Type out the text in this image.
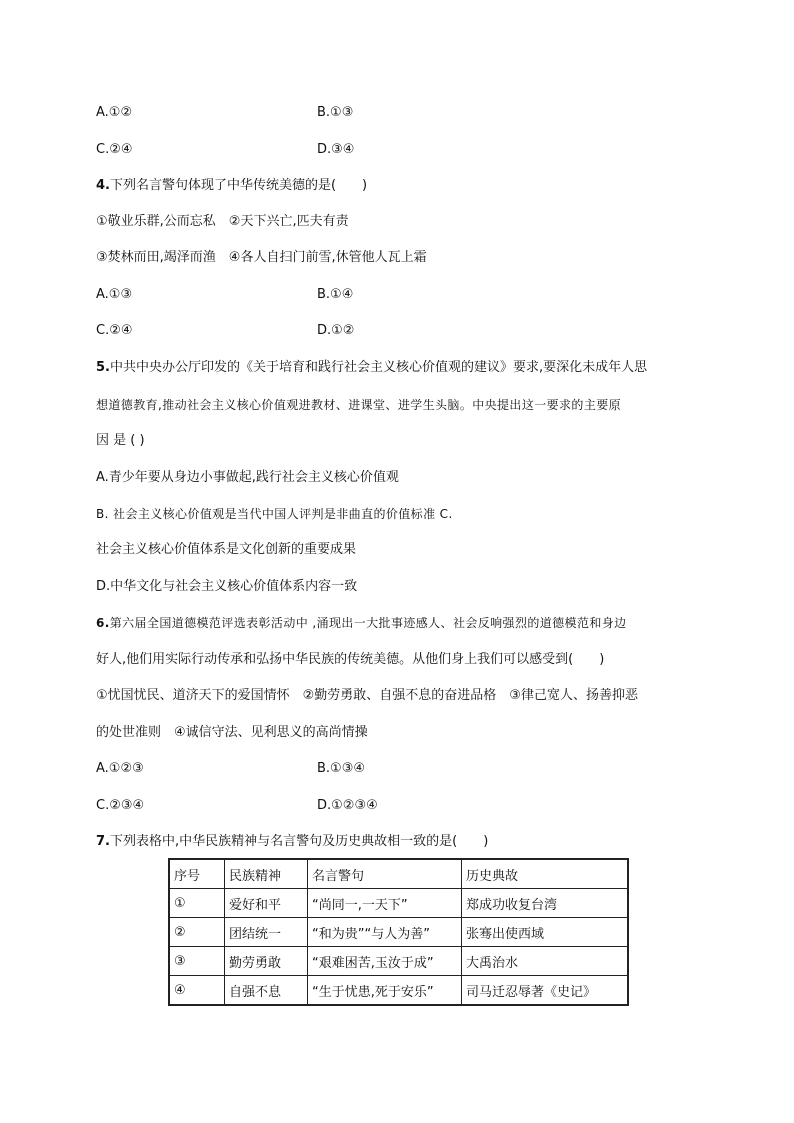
A.①②	B.①③
C.②④	D.③④
4.下列名言警句体现了中华传统美德的是(　　)
①敬业乐群,公而忘私　②天下兴亡,匹夫有责
③焚林而田,竭泽而渔　④各人自扫门前雪,休管他人瓦上霜
A.①③	B.①④
C.②④	D.①②
5.中共中央办公厅印发的《关于培育和践行社会主义核心价值观的建议》要求,要深化未成年人思
想道德教育,推动社会主义核心价值观进教材、进课堂、进学生头脑。中央提出这一要求的主要原
因 是 ( )
A.青少年要从身边小事做起,践行社会主义核心价值观
B. 社会主义核心价值观是当代中国人评判是非曲直的价值标准 C.
社会主义核心价值体系是文化创新的重要成果
D.中华文化与社会主义核心价值体系内容一致
6.第六届全国道德模范评选表彰活动中 ,涌现出一大批事迹感人、社会反响强烈的道德模范和身边
好人,他们用实际行动传承和弘扬中华民族的传统美德。从他们身上我们可以感受到(　　)
①忧国忧民、道济天下的爱国情怀　②勤劳勇敢、自强不息的奋进品格　③律己宽人、扬善抑恶
的处世准则　④诚信守法、见利思义的高尚情操
A.①②③	B.①③④
C.②③④	D.①②③④
7.下列表格中,中华民族精神与名言警句及历史典故相一致的是(　　)
序号	民族精神	名言警句	历史典故
①	爱好和平	“尚同一,一天下”	郑成功收复台湾
②	团结统一	“和为贵”“与人为善”	张骞出使西域
③	勤劳勇敢	“艰难困苦,玉汝于成”	大禹治水
④	自强不息	“生于忧患,死于安乐”	司马迁忍辱著《史记》
